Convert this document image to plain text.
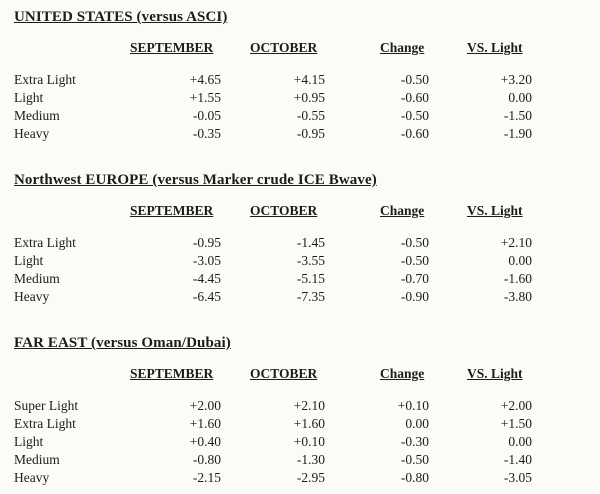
UNITED STATES (versus ASCI)
SEPTEMBER	OCTOBER	Change	VS. Light
Extra Light	+4.65	+4.15	-0.50	+3.20
Light	+1.55	+0.95	-0.60	0.00
Medium	-0.05	-0.55	-0.50	-1.50
Heavy	-0.35	-0.95	-0.60	-1.90
Northwest EUROPE (versus Marker crude ICE Bwave)
SEPTEMBER	OCTOBER	Change	VS. Light
Extra Light	-0.95	-1.45	-0.50	+2.10
Light	-3.05	-3.55	-0.50	0.00
Medium	-4.45	-5.15	-0.70	-1.60
Heavy	-6.45	-7.35	-0.90	-3.80
FAR EAST (versus Oman/Dubai)
SEPTEMBER	OCTOBER	Change	VS. Light
Super Light	+2.00	+2.10	+0.10	+2.00
Extra Light	+1.60	+1.60	0.00	+1.50
Light	+0.40	+0.10	-0.30	0.00
Medium	-0.80	-1.30	-0.50	-1.40
Heavy	-2.15	-2.95	-0.80	-3.05
